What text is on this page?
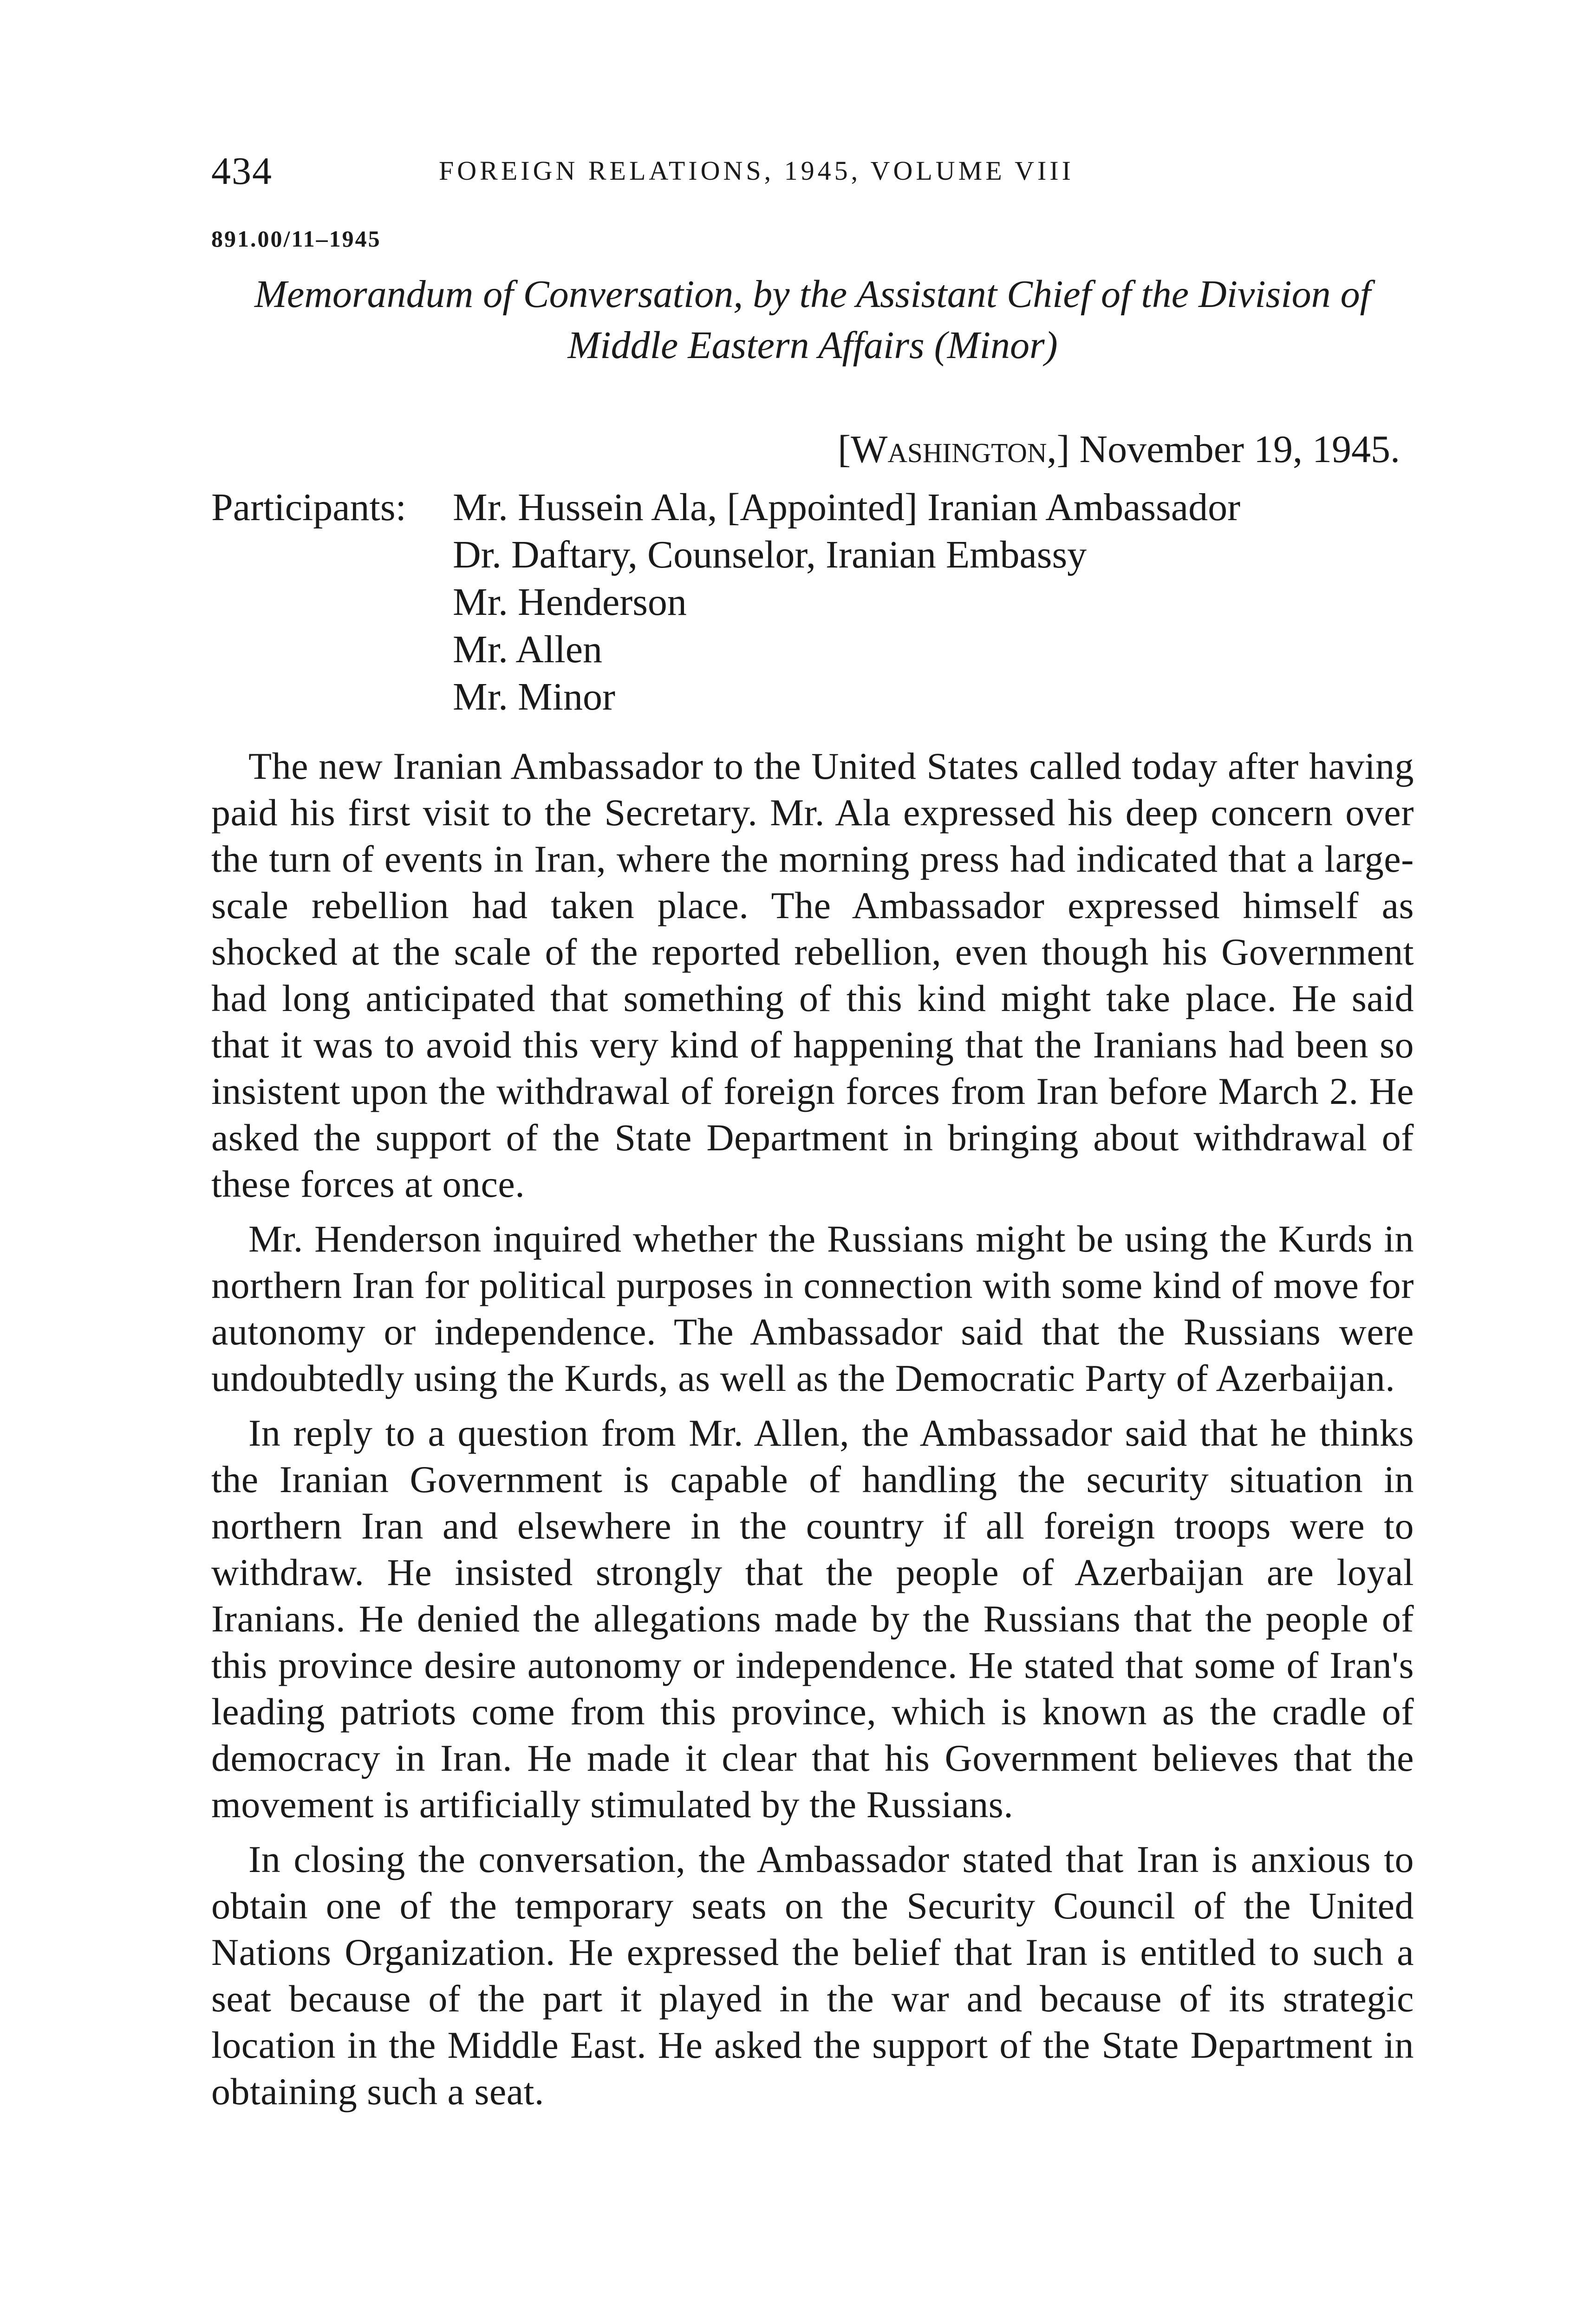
434	FOREIGN RELATIONS, 1945, VOLUME VIII
891.00/11–1945
Memorandum of Conversation, by the Assistant Chief of the Division of Middle Eastern Affairs (Minor)
[Washington,] November 19, 1945.
Participants:	Mr. Hussein Ala, [Appointed] Iranian Ambassador
Dr. Daftary, Counselor, Iranian Embassy
Mr. Henderson
Mr. Allen
Mr. Minor

The new Iranian Ambassador to the United States called today after having paid his first visit to the Secretary. Mr. Ala expressed his deep concern over the turn of events in Iran, where the morning press had indicated that a large-scale rebellion had taken place. The Ambassador expressed himself as shocked at the scale of the reported rebellion, even though his Government had long anticipated that something of this kind might take place. He said that it was to avoid this very kind of happening that the Iranians had been so insistent upon the withdrawal of foreign forces from Iran before March 2. He asked the support of the State Department in bringing about withdrawal of these forces at once.

Mr. Henderson inquired whether the Russians might be using the Kurds in northern Iran for political purposes in connection with some kind of move for autonomy or independence. The Ambassador said that the Russians were undoubtedly using the Kurds, as well as the Democratic Party of Azerbaijan.

In reply to a question from Mr. Allen, the Ambassador said that he thinks the Iranian Government is capable of handling the security situation in northern Iran and elsewhere in the country if all foreign troops were to withdraw. He insisted strongly that the people of Azerbaijan are loyal Iranians. He denied the allegations made by the Russians that the people of this province desire autonomy or independence. He stated that some of Iran's leading patriots come from this province, which is known as the cradle of democracy in Iran. He made it clear that his Government believes that the movement is artificially stimulated by the Russians.

In closing the conversation, the Ambassador stated that Iran is anxious to obtain one of the temporary seats on the Security Council of the United Nations Organization. He expressed the belief that Iran is entitled to such a seat because of the part it played in the war and because of its strategic location in the Middle East. He asked the support of the State Department in obtaining such a seat.
